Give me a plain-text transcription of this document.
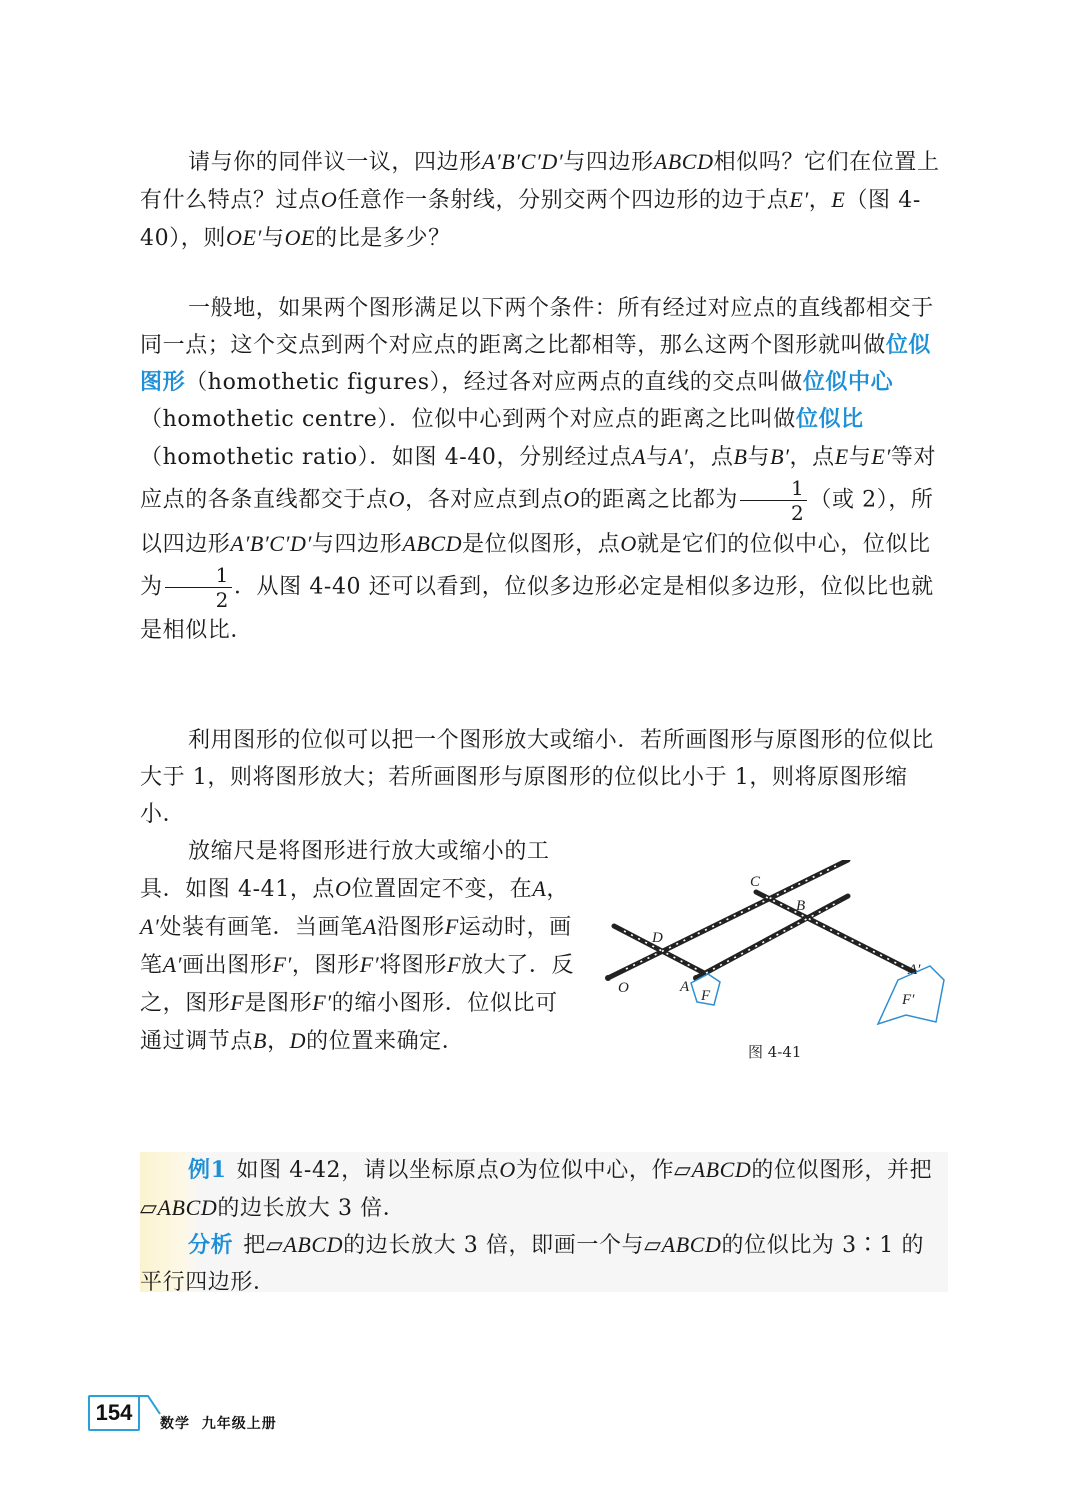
请与你的同伴议一议，四边形A′B′C′D′与四边形ABCD相似吗？它们在位置上有什么特点？过点O任意作一条射线，分别交两个四边形的边于点E′，E（图 4-40），则OE′与OE的比是多少？

一般地，如果两个图形满足以下两个条件：所有经过对应点的直线都相交于同一点；这个交点到两个对应点的距离之比都相等，那么这两个图形就叫做位似图形（homothetic figures），经过各对应两点的直线的交点叫做位似中心（homothetic centre）．位似中心到两个对应点的距离之比叫做位似比（homothetic ratio）．如图 4-40，分别经过点A与A′，点B与B′，点E与E′等对应点的各条直线都交于点O，各对应点到点O的距离之比都为 $\frac{1}{2}$ （或 2），所以四边形A′B′C′D′与四边形ABCD是位似图形，点O就是它们的位似中心，位似比为 $\frac{1}{2}$ ．从图 4-40 还可以看到，位似多边形必定是相似多边形，位似比也就是相似比．

利用图形的位似可以把一个图形放大或缩小．若所画图形与原图形的位似比大于 1，则将图形放大；若所画图形与原图形的位似比小于 1，则将原图形缩小．

放缩尺是将图形进行放大或缩小的工具．如图 4-41，点O位置固定不变，在A，A′处装有画笔．当画笔A沿图形F运动时，画笔A′画出图形F′，图形F′将图形F放大了．反之，图形F是图形F′的缩小图形．位似比可通过调节点B，D的位置来确定．

O	A
F
D
C
B
A′
F′
图 4-41

例1 如图 4-42，请以坐标原点O为位似中心，作▱ABCD的位似图形，并把▱ABCD的边长放大 3 倍．

分析 把▱ABCD的边长放大 3 倍，即画一个与▱ABCD的位似比为 3∶1 的平行四边形．

154	数学 九年级上册
